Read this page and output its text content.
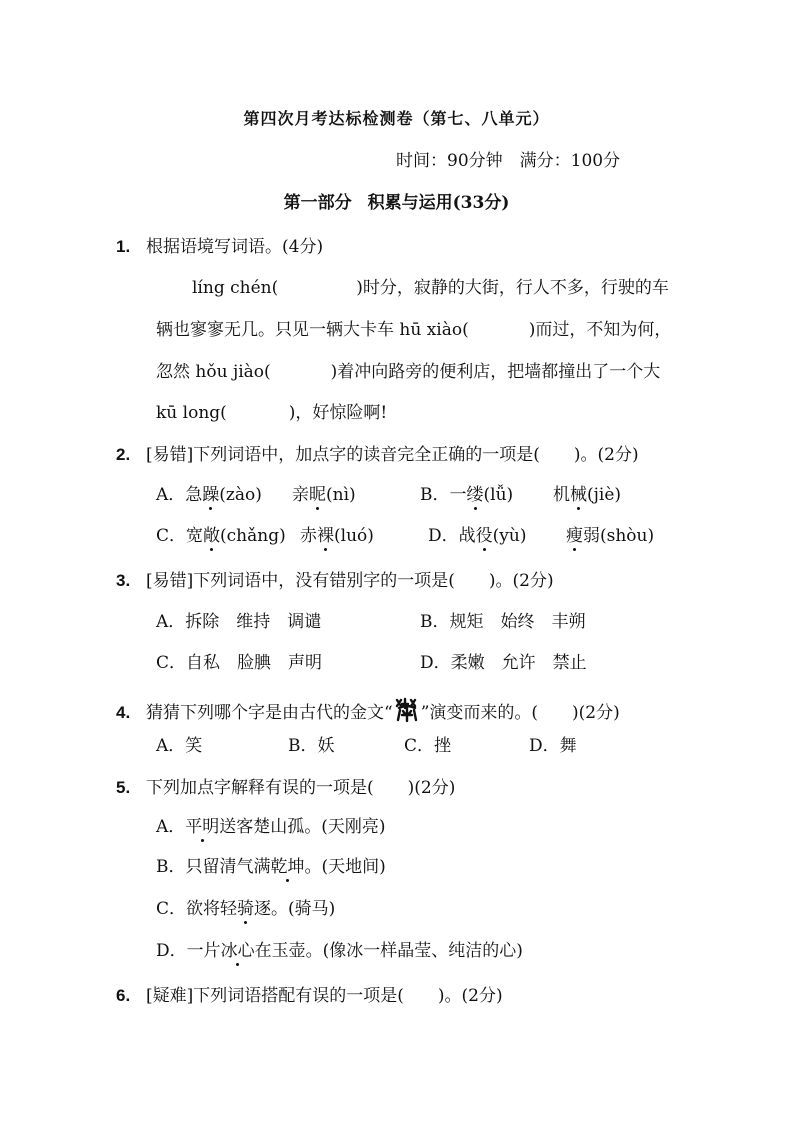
第四次月考达标检测卷（第七、八单元）
时间：90分钟　满分：100分
第一部分 积累与运用(33分)
1. 根据语境写词语。(4分)
líng chén(	)时分，寂静的大街，行人不多，行驶的车
辆也寥寥无几。只见一辆大卡车 hū xiào(	)而过，不知为何，
忽然 hǒu jiào(	)着冲向路旁的便利店，把墙都撞出了一个大
kū long(	)，好惊险啊!
2. [易错]下列词语中，加点字的读音完全正确的一项是(　　)。(2分)
A．急躁(zào) 亲昵(nì)	B．一缕(lǚ) 机械(jiè)
C．宽敞(chǎng) 赤裸(luó)	D．战役(yù) 瘦弱(shòu)
3. [易错]下列词语中，没有错别字的一项是(　　)。(2分)
A．拆除　维持　调谴	B．规矩　始终　丰朔
C．自私　脸腆　声明	D．柔嫩　允许　禁止
4. 猜猜下列哪个字是由古代的金文“ ”演变而来的。(　　)(2分)
A．笑	B．妖	C．挫	D．舞
5. 下列加点字解释有误的一项是(　　)(2分)
A．平明送客楚山孤。(天刚亮)
B．只留清气满乾坤。(天地间)
C．欲将轻骑逐。(骑马)
D．一片冰心在玉壶。(像冰一样晶莹、纯洁的心)
6. [疑难]下列词语搭配有误的一项是(　　)。(2分)
